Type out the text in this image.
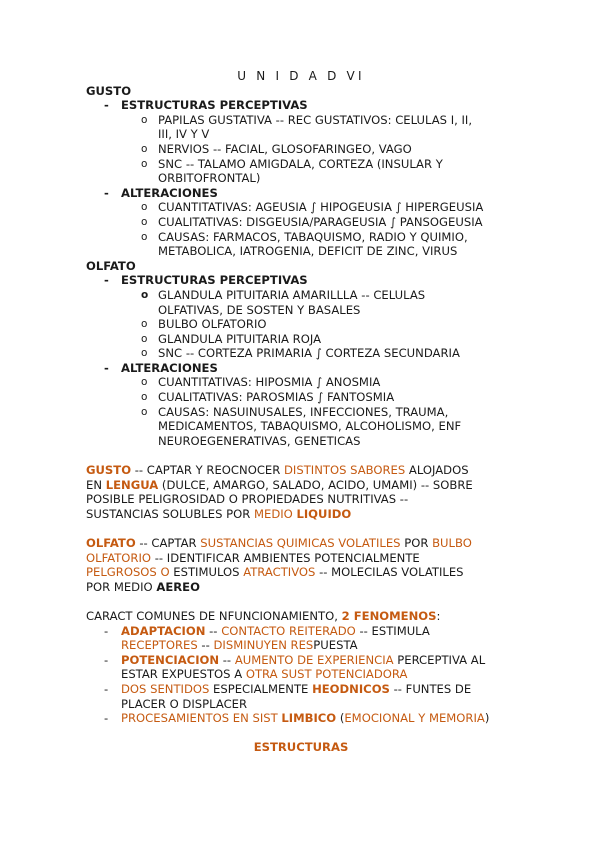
U N I D A D VI
GUSTO
- ESTRUCTURAS PERCEPTIVAS
o PAPILAS GUSTATIVA -- REC GUSTATIVOS: CELULAS I, II,
III, IV Y V
o NERVIOS -- FACIAL, GLOSOFARINGEO, VAGO
o SNC -- TALAMO AMIGDALA, CORTEZA (INSULAR Y
ORBITOFRONTAL)
- ALTERACIONES
o CUANTITATIVAS: AGEUSIA ∫ HIPOGEUSIA ∫ HIPERGEUSIA
o CUALITATIVAS: DISGEUSIA/PARAGEUSIA ∫ PANSOGEUSIA
o CAUSAS: FARMACOS, TABAQUISMO, RADIO Y QUIMIO,
METABOLICA, IATROGENIA, DEFICIT DE ZINC, VIRUS
OLFATO
- ESTRUCTURAS PERCEPTIVAS
o GLANDULA PITUITARIA AMARILLLA -- CELULAS
OLFATIVAS, DE SOSTEN Y BASALES
o BULBO OLFATORIO
o GLANDULA PITUITARIA ROJA
o SNC -- CORTEZA PRIMARIA ∫ CORTEZA SECUNDARIA
- ALTERACIONES
o CUANTITATIVAS: HIPOSMIA ∫ ANOSMIA
o CUALITATIVAS: PAROSMIAS ∫ FANTOSMIA
o CAUSAS: NASUINUSALES, INFECCIONES, TRAUMA,
MEDICAMENTOS, TABAQUISMO, ALCOHOLISMO, ENF
NEUROEGENERATIVAS, GENETICAS
GUSTO -- CAPTAR Y REOCNOCER DISTINTOS SABORES ALOJADOS
EN LENGUA (DULCE, AMARGO, SALADO, ACIDO, UMAMI) -- SOBRE
POSIBLE PELIGROSIDAD O PROPIEDADES NUTRITIVAS --
SUSTANCIAS SOLUBLES POR MEDIO LIQUIDO
OLFATO -- CAPTAR SUSTANCIAS QUIMICAS VOLATILES POR BULBO
OLFATORIO -- IDENTIFICAR AMBIENTES POTENCIALMENTE
PELGROSOS O ESTIMULOS ATRACTIVOS -- MOLECILAS VOLATILES
POR MEDIO AEREO
CARACT COMUNES DE NFUNCIONAMIENTO, 2 FENOMENOS:
- ADAPTACION -- CONTACTO REITERADO -- ESTIMULA
RECEPTORES -- DISMINUYEN RESPUESTA
- POTENCIACION -- AUMENTO DE EXPERIENCIA PERCEPTIVA AL
ESTAR EXPUESTOS A OTRA SUST POTENCIADORA
- DOS SENTIDOS ESPECIALMENTE HEODNICOS -- FUNTES DE
PLACER O DISPLACER
- PROCESAMIENTOS EN SIST LIMBICO (EMOCIONAL Y MEMORIA)
ESTRUCTURAS
